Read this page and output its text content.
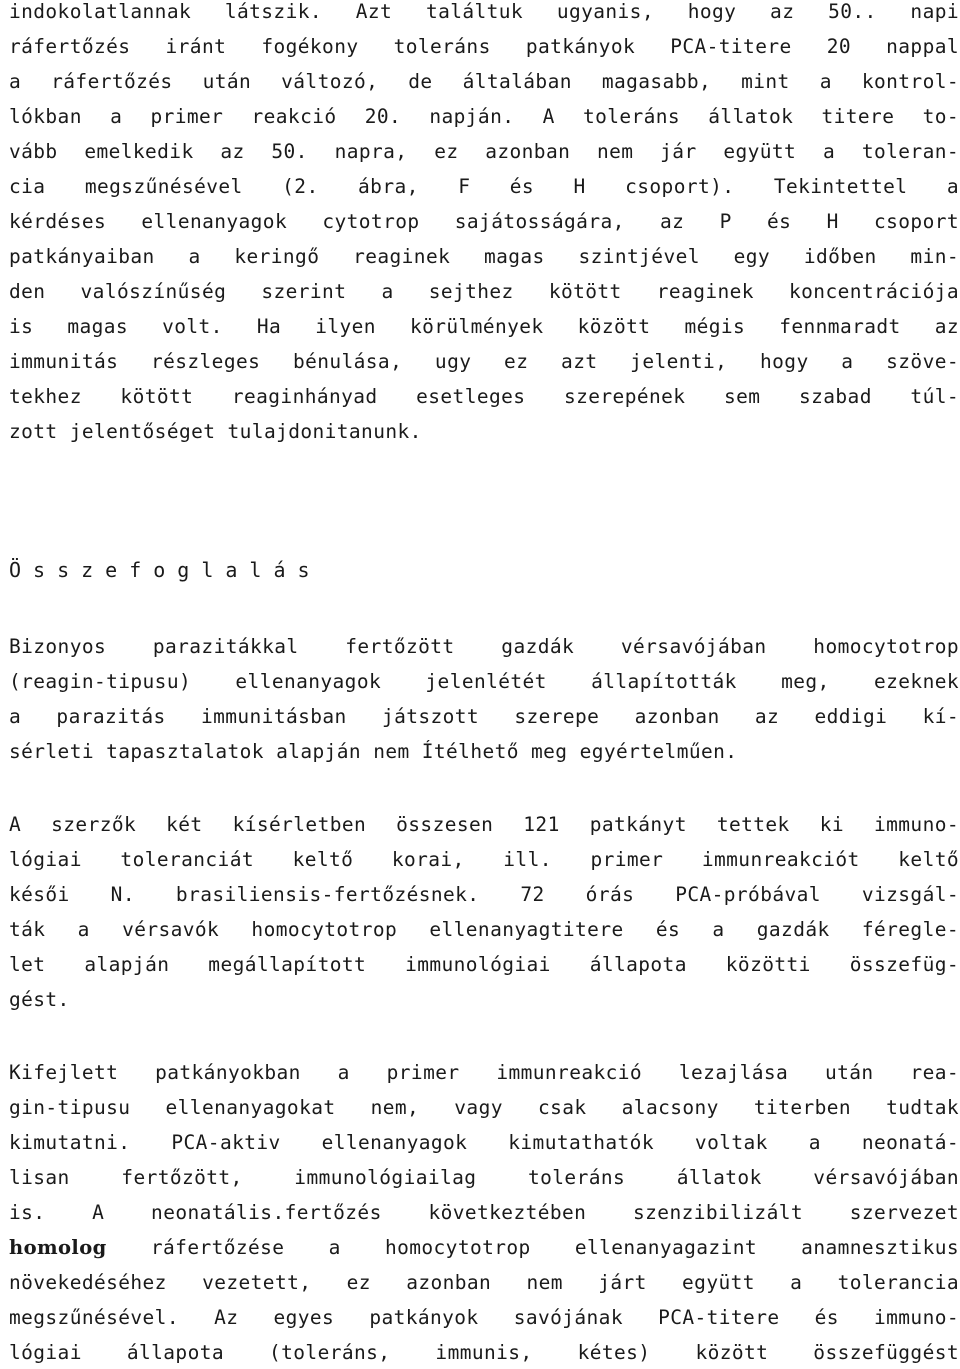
indokolatlannak látszik. Azt találtuk ugyanis, hogy az 50.. napi
ráfertőzés iránt fogékony toleráns patkányok PCA-titere 20 nappal
a ráfertőzés után változó, de általában magasabb, mint a kontrol-
lókban a primer reakció 20. napján. A toleráns állatok titere to-
vább emelkedik az 50. napra, ez azonban nem jár együtt a toleran-
cia megszűnésével (2. ábra, F és H csoport). Tekintettel a
kérdéses ellenanyagok cytotrop sajátosságára, az P és H csoport
patkányaiban a keringő reaginek magas szintjével egy időben min-
den valószínűség szerint a sejthez kötött reaginek koncentrációja
is magas volt. Ha ilyen körülmények között mégis fennmaradt az
immunitás részleges bénulása, ugy ez azt jelenti, hogy a szöve-
tekhez kötött reaginhányad esetleges szerepének sem szabad túl-
zott jelentőséget tulajdonitanunk.
Összefoglalás
Bizonyos parazitákkal fertőzött gazdák vérsavójában homocytotrop
(reagin-tipusu) ellenanyagok jelenlétét állapították meg, ezeknek
a parazitás immunitásban játszott szerepe azonban az eddigi kí-
sérleti tapasztalatok alapján nem Ítélhető meg egyértelműen.
A szerzők két kísérletben összesen 121 patkányt tettek ki immuno-
lógiai toleranciát keltő korai, ill. primer immunreakciót keltő
késői N. brasiliensis-fertőzésnek. 72 órás PCA-próbával vizsgál-
ták a vérsavók homocytotrop ellenanyagtitere és a gazdák féregle-
let alapján megállapított immunológiai állapota közötti összefüg-
gést.
Kifejlett patkányokban a primer immunreakció lezajlása után rea-
gin-tipusu ellenanyagokat nem, vagy csak alacsony titerben tudtak
kimutatni. PCA-aktiv ellenanyagok kimutathatók voltak a neonatá-
lisan fertőzött, immunológiailag toleráns állatok vérsavójában
is. A neonatális.fertőzés következtében szenzibilizált szervezet
homolog ráfertőzése a homocytotrop ellenanyagazint anamnesztikus
növekedéséhez vezetett, ez azonban nem járt együtt a tolerancia
megszűnésével. Az egyes patkányok savójának PCA-titere és immuno-
lógiai állapota (toleráns, immunis, kétes) között összefüggést
